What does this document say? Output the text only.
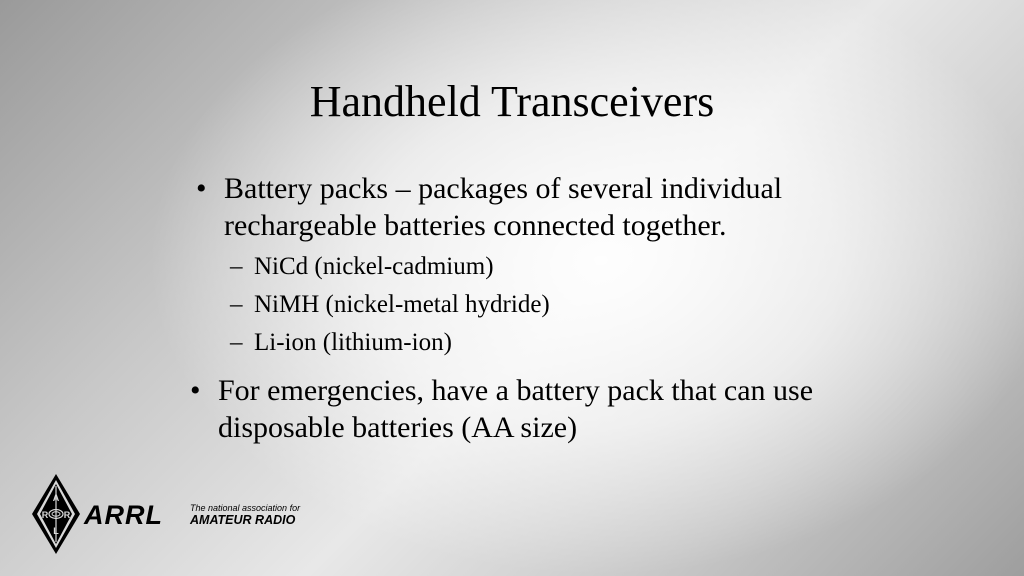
Handheld Transceivers
• Battery packs – packages of several individual rechargeable batteries connected together.
– NiCd (nickel-cadmium)
– NiMH (nickel-metal hydride)
– Li-ion (lithium-ion)
• For emergencies, have a battery pack that can use disposable batteries (AA size)
A
R R
L
ARRL	The national association for
AMATEUR RADIO
